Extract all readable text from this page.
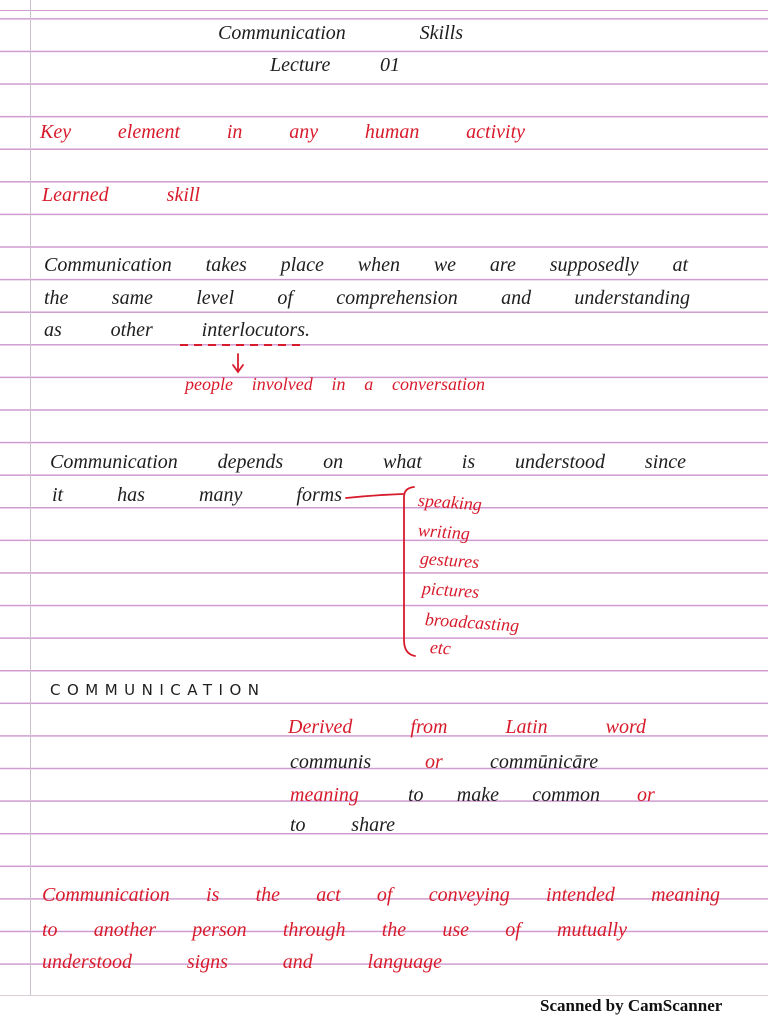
Communication Skills
Lecture 01
Key element in any human activity
Learned skill
Communication takes place when we are supposedly at
the same level of comprehension and understanding
as other interlocutors.
people involved in a conversation
Communication depends on what is understood since
it has many forms	speaking
writing
gestures
pictures
broadcasting
etc
COMMUNICATION
Derived from Latin word
communis	or commūnicāre
meaning to make common or
to share
Communication is the act of conveying intended meaning
to another person through the use of mutually
understood signs and language
Scanned by CamScanner
